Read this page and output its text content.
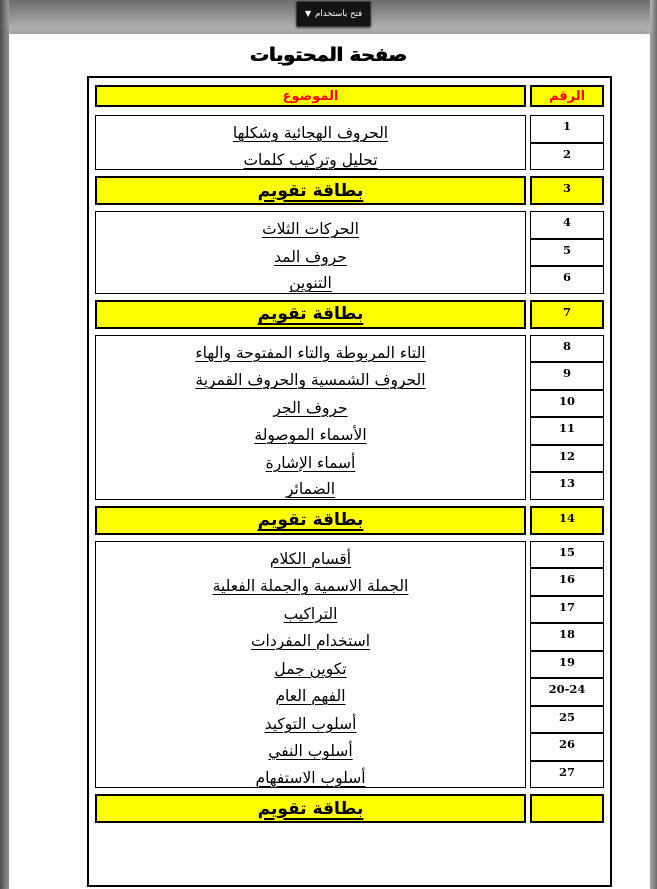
فتح باستخدام
▼
صفحة المحتويات
الموضوع	الرقم
الحروف الهجائية وشكلها	1
تحليل وتركيب كلمات	2
بطاقة تقويم	3
الحركات الثلاث	4
حروف المد	5
التنوين	6
بطاقة تقويم	7
التاء المربوطة والتاء المفتوحة والهاء	8
الحروف الشمسية والحروف القمرية	9
حروف الجر	10
الأسماء الموصولة	11
أسماء الإشارة	12
الضمائر	13
بطاقة تقويم	14
أقسام الكلام	15
الجملة الاسمية والجملة الفعلية	16
التراكيب	17
استخدام المفردات	18
تكوين جمل	19
الفهم العام	20-24
أسلوب التوكيد	25
أسلوب النفي	26
أسلوب الاستفهام	27
بطاقة تقويم
